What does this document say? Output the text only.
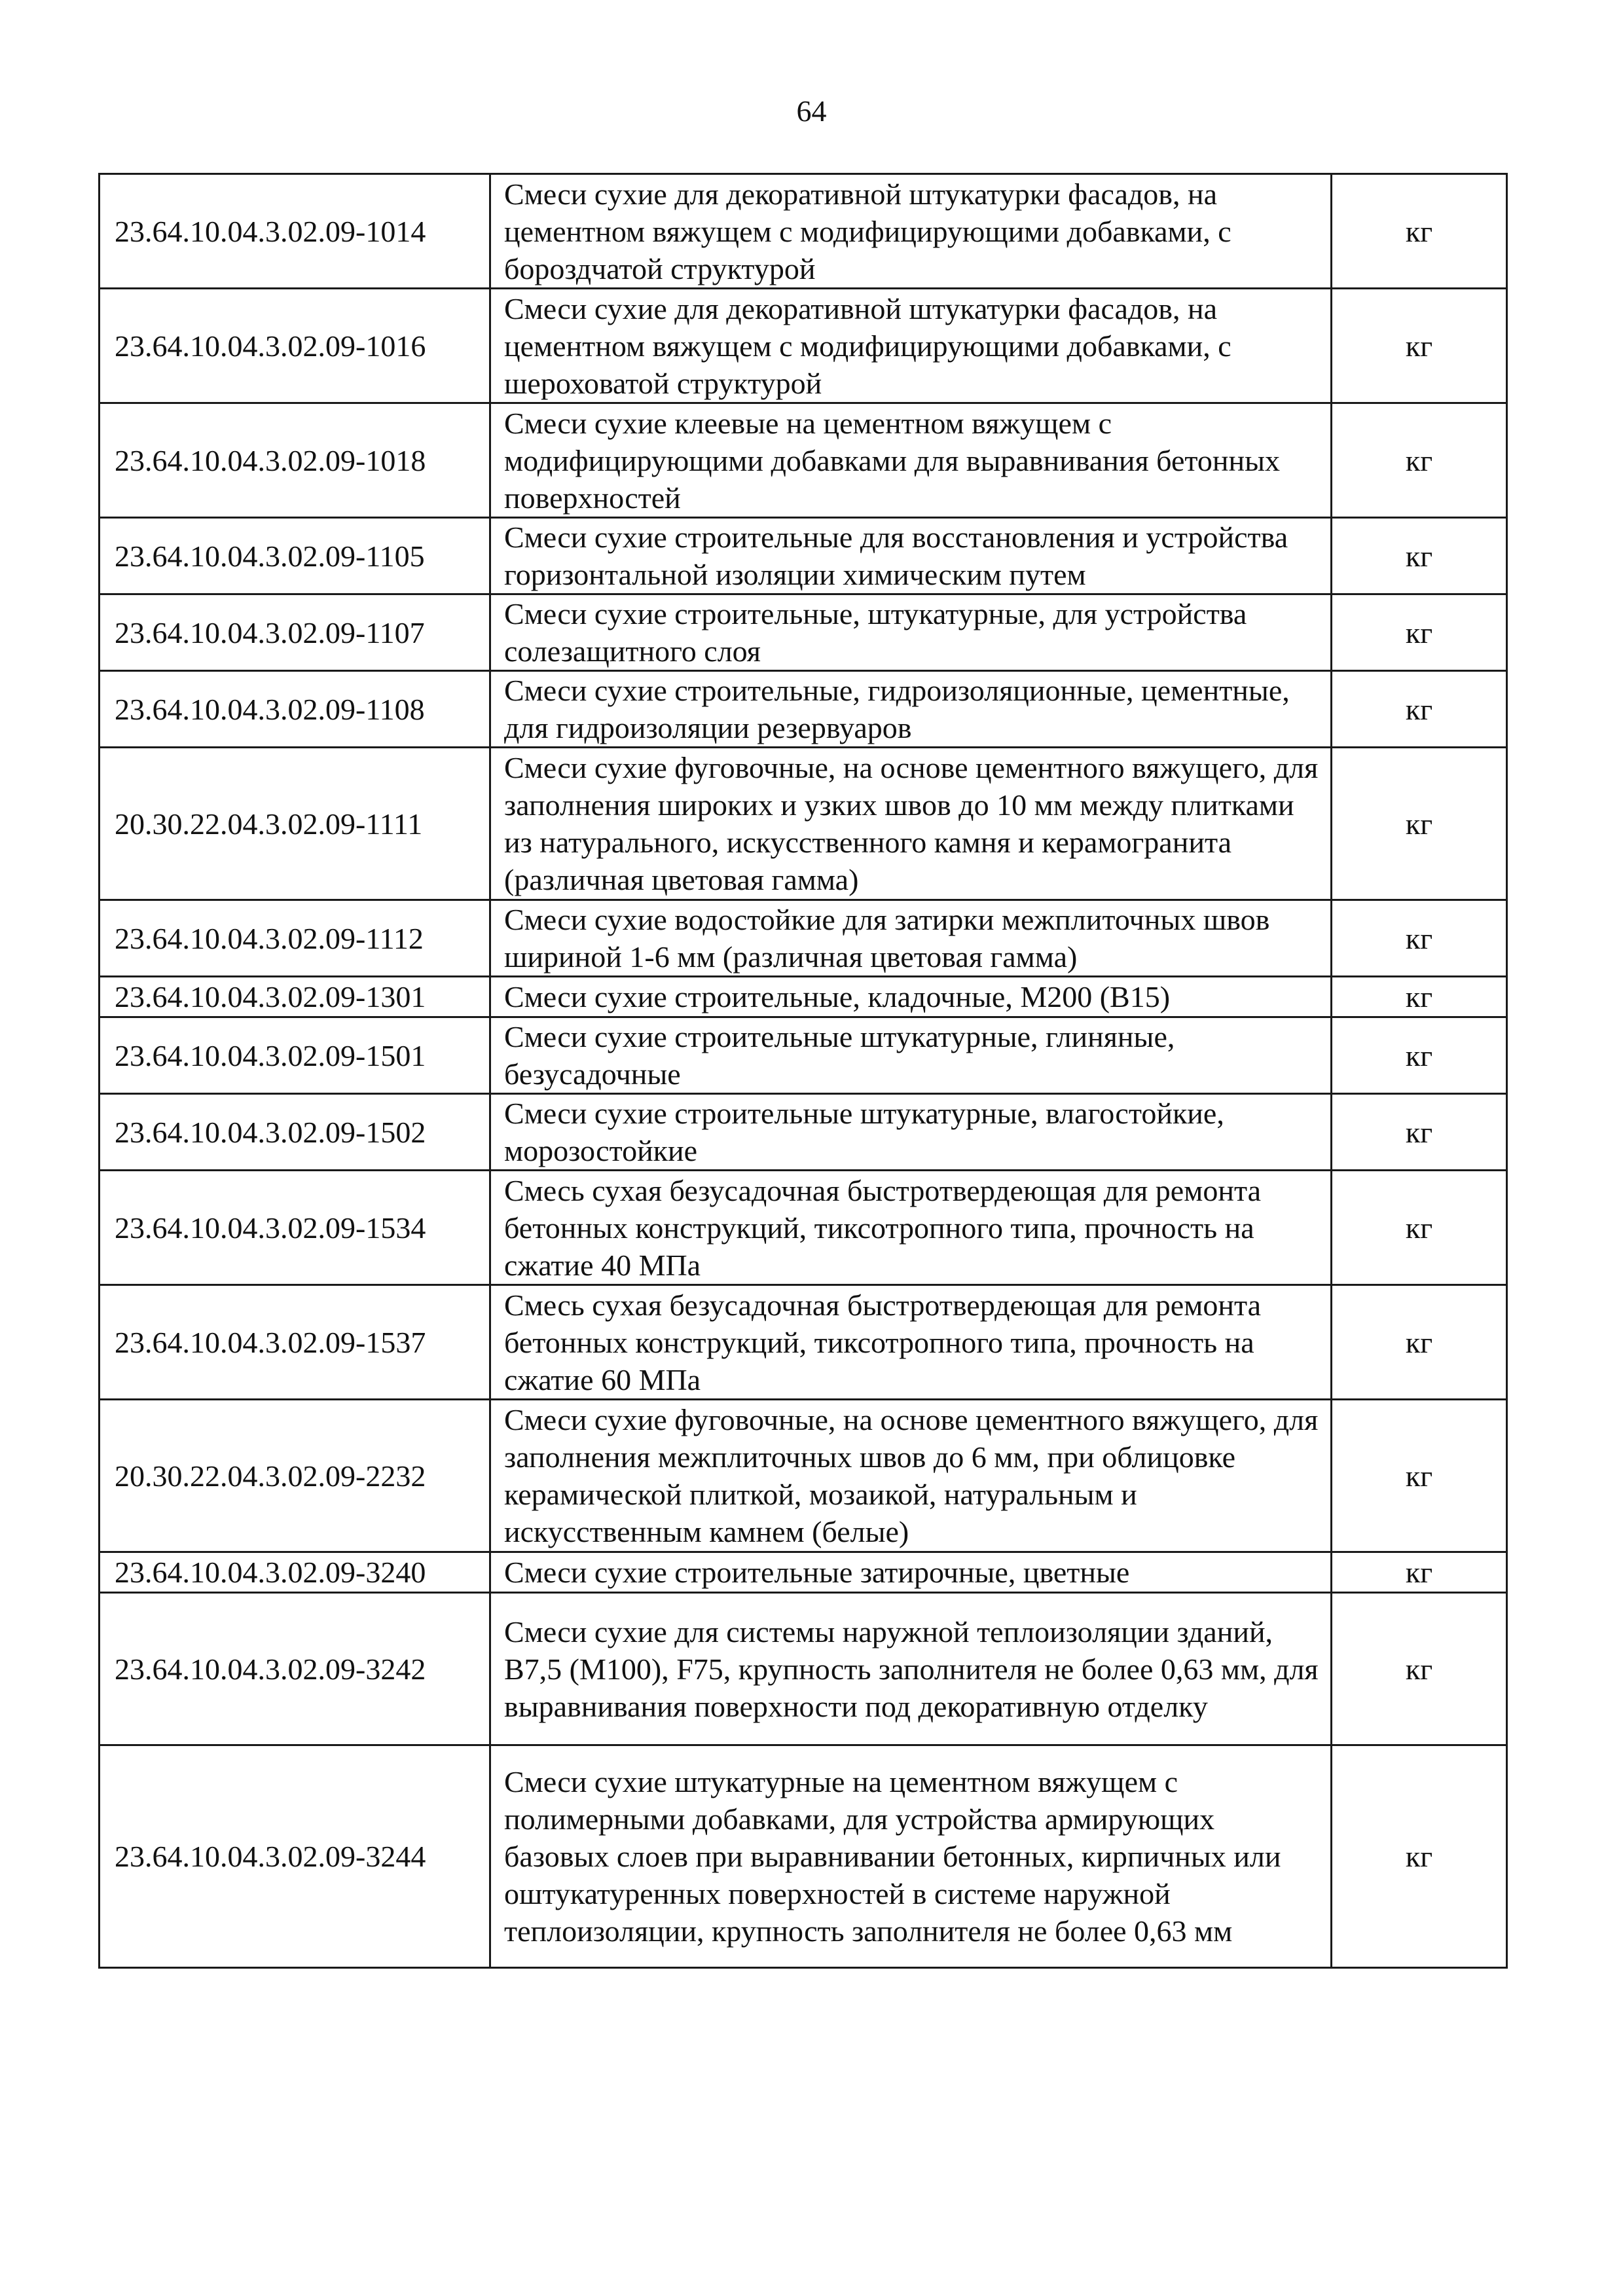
64
23.64.10.04.3.02.09-1014	Смеси сухие для декоративной штукатурки фасадов, на цементном вяжущем с модифицирующими добавками, с бороздчатой структурой	кг
23.64.10.04.3.02.09-1016	Смеси сухие для декоративной штукатурки фасадов, на цементном вяжущем с модифицирующими добавками, с шероховатой структурой	кг
23.64.10.04.3.02.09-1018	Смеси сухие клеевые на цементном вяжущем с модифицирующими добавками для выравнивания бетонных поверхностей	кг
23.64.10.04.3.02.09-1105	Смеси сухие строительные для восстановления и устройства горизонтальной изоляции химическим путем	кг
23.64.10.04.3.02.09-1107	Смеси сухие строительные, штукатурные, для устройства солезащитного слоя	кг
23.64.10.04.3.02.09-1108	Смеси сухие строительные, гидроизоляционные, цементные, для гидроизоляции резервуаров	кг
20.30.22.04.3.02.09-1111	Смеси сухие фуговочные, на основе цементного вяжущего, для заполнения широких и узких швов до 10 мм между плитками из натурального, искусственного камня и керамогранита (различная цветовая гамма)	кг
23.64.10.04.3.02.09-1112	Смеси сухие водостойкие для затирки межплиточных швов шириной 1-6 мм (различная цветовая гамма)	кг
23.64.10.04.3.02.09-1301	Смеси сухие строительные, кладочные, М200 (В15)	кг
23.64.10.04.3.02.09-1501	Смеси сухие строительные штукатурные, глиняные, безусадочные	кг
23.64.10.04.3.02.09-1502	Смеси сухие строительные штукатурные, влагостойкие, морозостойкие	кг
23.64.10.04.3.02.09-1534	Смесь сухая безусадочная быстротвердеющая для ремонта бетонных конструкций, тиксотропного типа, прочность на сжатие 40 МПа	кг
23.64.10.04.3.02.09-1537	Смесь сухая безусадочная быстротвердеющая для ремонта бетонных конструкций, тиксотропного типа, прочность на сжатие 60 МПа	кг
20.30.22.04.3.02.09-2232	Смеси сухие фуговочные, на основе цементного вяжущего, для заполнения межплиточных швов до 6 мм, при облицовке керамической плиткой, мозаикой, натуральным и искусственным камнем (белые)	кг
23.64.10.04.3.02.09-3240	Смеси сухие строительные затирочные, цветные	кг
23.64.10.04.3.02.09-3242	Смеси сухие для системы наружной теплоизоляции зданий, В7,5 (М100), F75, крупность заполнителя не более 0,63 мм, для выравнивания поверхности под декоративную отделку	кг
23.64.10.04.3.02.09-3244	Смеси сухие штукатурные на цементном вяжущем с полимерными добавками, для устройства армирующих базовых слоев при выравнивании бетонных, кирпичных или оштукатуренных поверхностей в системе наружной теплоизоляции, крупность заполнителя не более 0,63 мм	кг
